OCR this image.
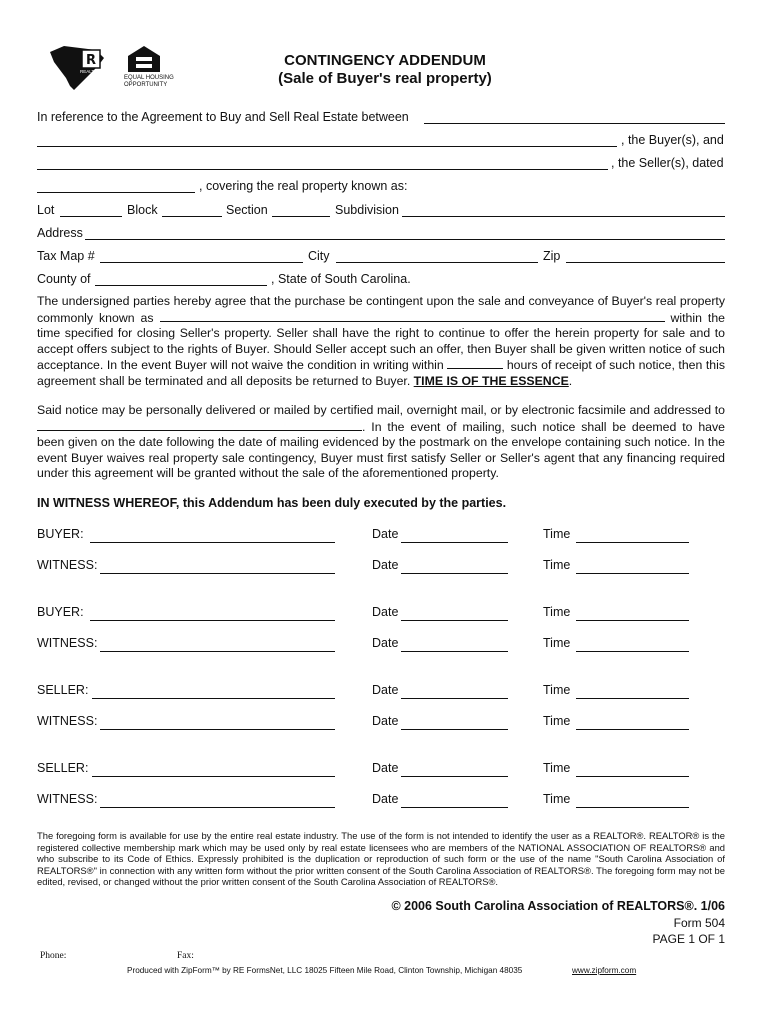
R
REALTOR
EQUAL HOUSING
OPPORTUNITY
CONTINGENCY ADDENDUM
(Sale of Buyer's real property)
In reference to the Agreement to Buy and Sell Real Estate between
, the Buyer(s), and
, the Seller(s), dated
, covering the real property known as:
Lot	Block	Section	Subdivision
Address
Tax Map #	City	Zip
County of	, State of South Carolina.
The undersigned parties hereby agree that the purchase be contingent upon the sale and conveyance of Buyer's real property commonly known as	within the time specified for closing Seller's property. Seller shall have the right to continue to offer the herein property for sale and to accept offers subject to the rights of Buyer. Should Seller accept such an offer, then Buyer shall be given written notice of such acceptance. In the event Buyer will not waive the condition in writing within	hours of receipt of such notice, then this agreement shall be terminated and all deposits be returned to Buyer. TIME IS OF THE ESSENCE.
Said notice may be personally delivered or mailed by certified mail, overnight mail, or by electronic facsimile and addressed to . In the event of mailing, such notice shall be deemed to have been given on the date following the date of mailing evidenced by the postmark on the envelope containing such notice. In the event Buyer waives real property sale contingency, Buyer must first satisfy Seller or Seller's agent that any financing required under this agreement will be granted without the sale of the aforementioned property.
IN WITNESS WHEREOF, this Addendum has been duly executed by the parties.
BUYER:	Date	Time
WITNESS:	Date	Time
BUYER:	Date	Time
WITNESS:	Date	Time
SELLER:	Date	Time
WITNESS:	Date	Time
SELLER:	Date	Time
WITNESS:	Date	Time
The foregoing form is available for use by the entire real estate industry. The use of the form is not intended to identify the user as a REALTOR®. REALTOR® is the registered collective membership mark which may be used only by real estate licensees who are members of the NATIONAL ASSOCIATION OF REALTORS® and who subscribe to its Code of Ethics. Expressly prohibited is the duplication or reproduction of such form or the use of the name "South Carolina Association of REALTORS®" in connection with any written form without the prior written consent of the South Carolina Association of REALTORS®. The foregoing form may not be edited, revised, or changed without the prior written consent of the South Carolina Association of REALTORS®.
© 2006 South Carolina Association of REALTORS®. 1/06
Form 504
PAGE 1 OF 1
Phone:	Fax:
Produced with ZipForm™ by RE FormsNet, LLC 18025 Fifteen Mile Road, Clinton Township, Michigan 48035	www.zipform.com
